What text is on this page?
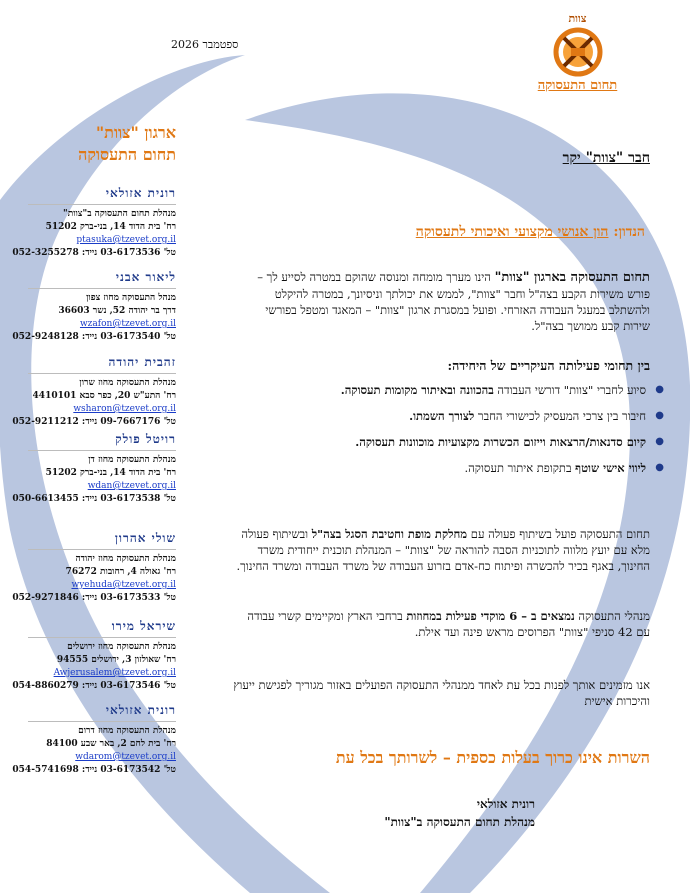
ספטמבר 2026
צוות
תחום התעסוקה
ארגון "צוות"
תחום התעסוקה
רונית אזולאי
מנהלת תחום התעסוקה ב"צוות"
רח' בית הדוד 14, בני-ברק 51202
ptasuka@tzevet.org.il
טל' 03-6173536 נייד: 052-3255278
ליאור אבני
מנהל התעסוקה מחוז צפון
דרך בר יהודה 52, נשר 36603
wzafon@tzevet.org.il
טל' 03-6173540 נייד: 052-9248128
זהבית יהודה
מנהלת התעסוקה מחוז שרון
רח' התע"ש 20, כפר סבא 4410101
wsharon@tzevet.org.il
טל' 09-7667176 נייד: 052-9211212
רויטל פולק
מנהלת התעסוקה מחוז דן
רח' בית הדוד 14, בני-ברק 51202
wdan@tzevet.org.il
טל' 03-6173538 נייד: 050-6613455
שולי אהרון
מנהלת התעסוקה מחוז יהודה
רח' גאולה 4, רחובות 76272
wyehuda@tzevet.org.il
טל' 03-6173533 נייד: 052-9271846
שיראל מירו
מנהלת התעסוקה מחוז ירושלים
רח' שאולזון 3, ירושלים 94555
Awjerusalem@tzevet.org.il
טל' 03-6173546 נייד: 054-8860279
רונית אזולאי
מנהלת התעסוקה מחוז דרום
רח' בית לחם 2, באר שבע 84100
wdarom@tzevet.org.il
טל' 03-6173542 נייד: 054-5741698
חבר "צוות" יקר
הנדון: הון אנושי מקצועי ואיכותי לתעסוקה
תחום התעסוקה בארגון "צוות" הינו מערך מומחה ומנוסה שהוקם במטרה לסייע לך – פורש משירות הקבע בצה"ל וחבר "צוות", לממש את יכולתך וניסיונך, במטרה להיקלט ולהשתלב במעגל העבודה האזרחי. ופועל במסגרת ארגון "צוות" – המאגד ומטפל בפורשי שירות קבע ממושך בצה"ל.
בין תחומי פעילותה העיקריים של היחידה:
● סיוע לחברי "צוות" דורשי העבודה בהכוונה ובאיתור מקומות תעסוקה.
● חיבור בין צרכי המעסיק לכישורי החבר לצורך השמתו.
● קיום סדנאות/הרצאות וייזום הכשרות מקצועיות מוכוונות תעסוקה.
● ליווי אישי שוטף בתקופת איתור תעסוקה.
תחום התעסוקה פועל בשיתוף פעולה עם מחלקת מופת וחטיבת הסגל בצה"ל ובשיתוף פעולה מלא עם יועץ מלווה לתוכניות הסבה להוראה של "צוות" – המנהלת תוכנית ייחודית משרד החינוך, באגף בכיר להכשרה ופיתוח כח-אדם בזרוע העבודה של משרד העבודה ומשרד החינוך.
מנהלי התעסוקה נמצאים ב – 6 מוקדי פעילות במחוזות ברחבי הארץ ומקיימים קשרי עבודה עם 42 סניפי "צוות" הפרוסים מראש פינה ועד אילת.
אנו מזמינים אותך לפנות בכל עת לאחד ממנהלי התעסוקה הפועלים באזור מגוריך לפגישת ייעוץ והיכרות אישית
השרות אינו כרוך בעלות כספית – לשרותך בכל עת
רונית אזולאי
מנהלת תחום התעסוקה ב"צוות"
